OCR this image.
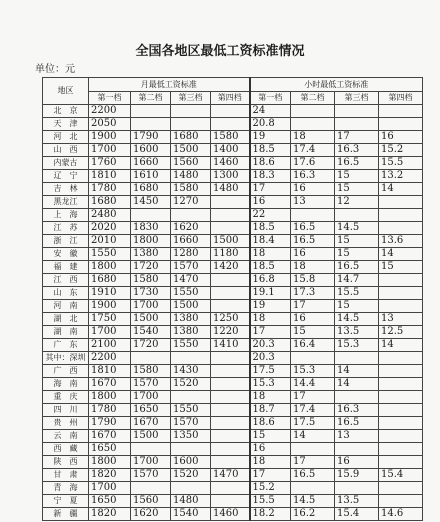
全国各地区最低工资标准情况
单位：元
地区	月最低工资标准				小时最低工资标准			
	第一档	第二档	第三档	第四档	第一档	第二档	第三档	第四档
北　京	2200				24			
天　津	2050				20.8			
河　北	1900	1790	1680	1580	19	18	17	16
山　西	1700	1600	1500	1400	18.5	17.4	16.3	15.2
内蒙古	1760	1660	1560	1460	18.6	17.6	16.5	15.5
辽　宁	1810	1610	1480	1300	18.3	16.3	15	13.2
吉　林	1780	1680	1580	1480	17	16	15	14
黑龙江	1680	1450	1270		16	13	12	
上　海	2480				22			
江　苏	2020	1830	1620		18.5	16.5	14.5	
浙　江	2010	1800	1660	1500	18.4	16.5	15	13.6
安　徽	1550	1380	1280	1180	18	16	15	14
福　建	1800	1720	1570	1420	18.5	18	16.5	15
江　西	1680	1580	1470		16.8	15.8	14.7	
山　东	1910	1730	1550		19.1	17.3	15.5	
河　南	1900	1700	1500		19	17	15	
湖　北	1750	1500	1380	1250	18	16	14.5	13
湖　南	1700	1540	1380	1220	17	15	13.5	12.5
广　东	2100	1720	1550	1410	20.3	16.4	15.3	14
其中：深圳	2200				20.3			
广　西	1810	1580	1430		17.5	15.3	14	
海　南	1670	1570	1520		15.3	14.4	14	
重　庆	1800	1700			18	17		
四　川	1780	1650	1550		18.7	17.4	16.3	
贵　州	1790	1670	1570		18.6	17.5	16.5	
云　南	1670	1500	1350		15	14	13	
西　藏	1650				16			
陕　西	1800	1700	1600		18	17	16	
甘　肃	1820	1570	1520	1470	17	16.5	15.9	15.4
青　海	1700				15.2			
宁　夏	1650	1560	1480		15.5	14.5	13.5	
新　疆	1820	1620	1540	1460	18.2	16.2	15.4	14.6
